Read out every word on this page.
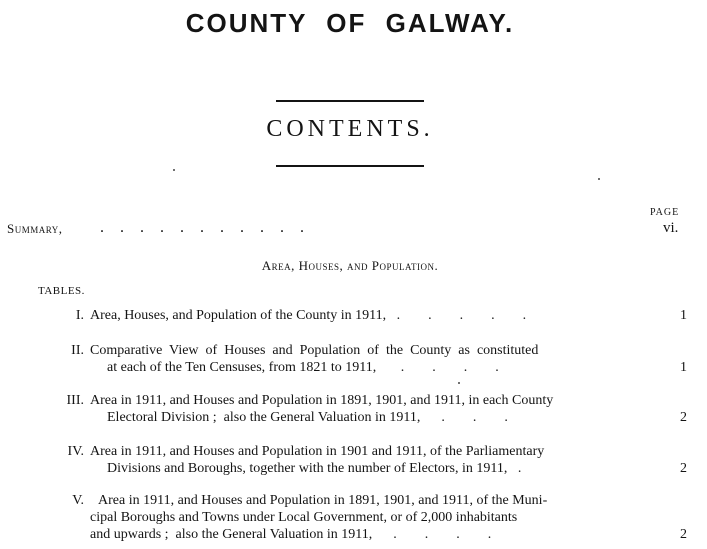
COUNTY OF GALWAY.
CONTENTS.
PAGE
Summary, .    .    .    .    .    .    .    .    .    .    .	vi.
Area, Houses, and Population.
TABLES.
I. Area, Houses, and Population of the County in 1911,   .        .        .        .        .	1
II. Comparative  View  of  Houses  and  Population  of  the  County  as  constituted
at each of the Ten Censuses, from 1821 to 1911,       .        .        .        .	1
III. Area in 1911, and Houses and Population in 1891, 1901, and 1911, in each County
Electoral Division ;  also the General Valuation in 1911,      .        .        .	2
IV. Area in 1911, and Houses and Population in 1901 and 1911, of the Parliamentary
Divisions and Boroughs, together with the number of Electors, in 1911,   .	2
V. Area in 1911, and Houses and Population in 1891, 1901, and 1911, of the Muni-
cipal Boroughs and Towns under Local Government, or of 2,000 inhabitants
and upwards ;  also the General Valuation in 1911,      .        .        .        .	2
